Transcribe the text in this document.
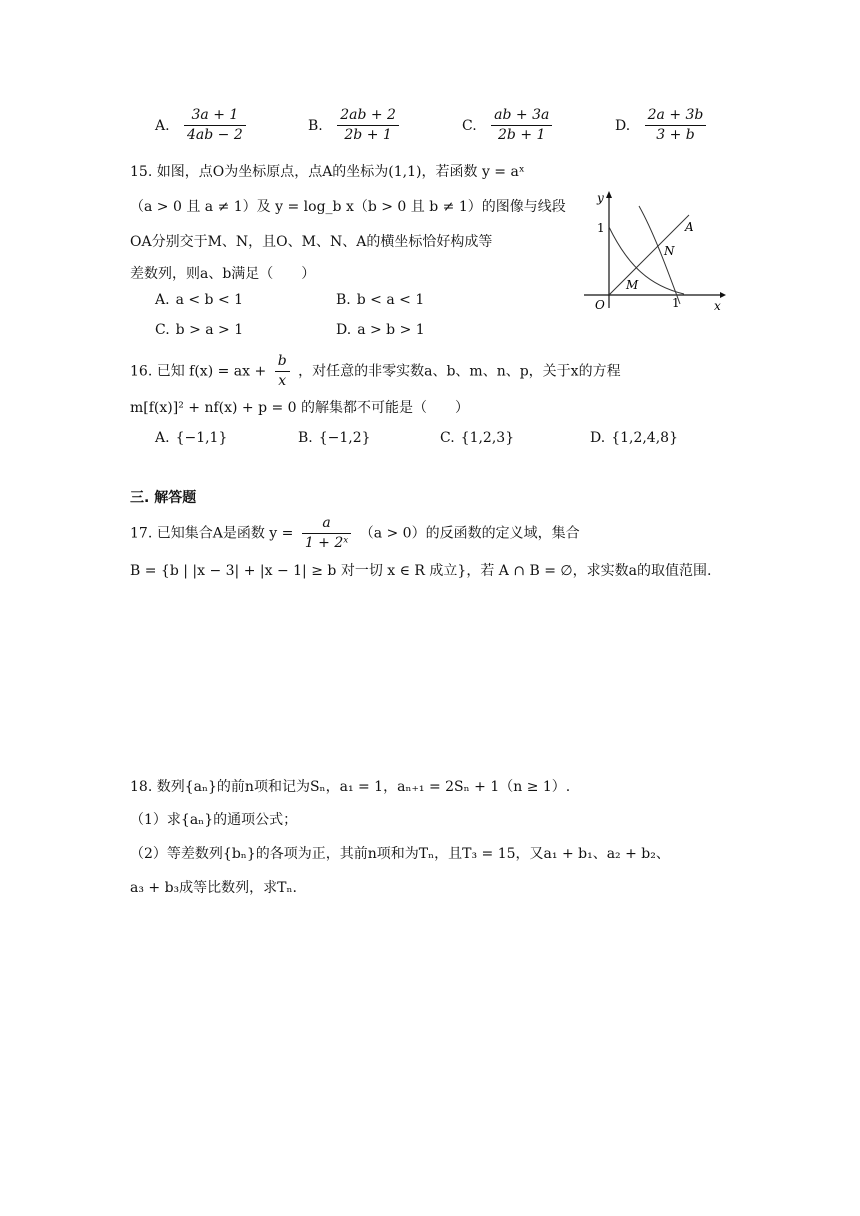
A. $\frac{3a + 1}{4ab - 2}$	B. $\frac{2ab + 2}{2b + 1}$	C. $\frac{ab + 3a}{2b + 1}$	D. $\frac{2a + 3b}{3 + b}$
15. 如图，点O为坐标原点，点A的坐标为(1,1)，若函数 y = aˣ
（a > 0 且 a ≠ 1）及 y = log_b x（b > 0 且 b ≠ 1）的图像与线段
OA分别交于M、N，且O、M、N、A的横坐标恰好构成等
差数列，则a、b满足（　　）
A. a < b < 1	B. b < a < 1
C. b > a > 1	D. a > b > 1
y
x
A
N
M
O
1
1
16. 已知 f(x) = ax + $\frac{b}{x}$ ，对任意的非零实数a、b、m、n、p，关于x的方程
m[f(x)]² + nf(x) + p = 0 的解集都不可能是（　　）
A. {−1,1}	B. {−1,2}	C. {1,2,3}	D. {1,2,4,8}
三. 解答题
17. 已知集合A是函数 $y = \frac{a}{\text{1 + 2ˣ}} (a > 0)$的反函数的定义域，集合
B = {b | |x − 3| + |x − 1| ≥ b 对一切 x ∈ R 成立}，若 A ∩ B = ∅，求实数a的取值范围.
18. 数列{aₙ}的前n项和记为Sₙ，a₁ = 1，aₙ₊₁ = 2Sₙ + 1（n ≥ 1）.
（1）求{aₙ}的通项公式；
（2）等差数列{bₙ}的各项为正，其前n项和为Tₙ，且T₃ = 15，又a₁ + b₁、a₂ + b₂、
a₃ + b₃成等比数列，求Tₙ.
